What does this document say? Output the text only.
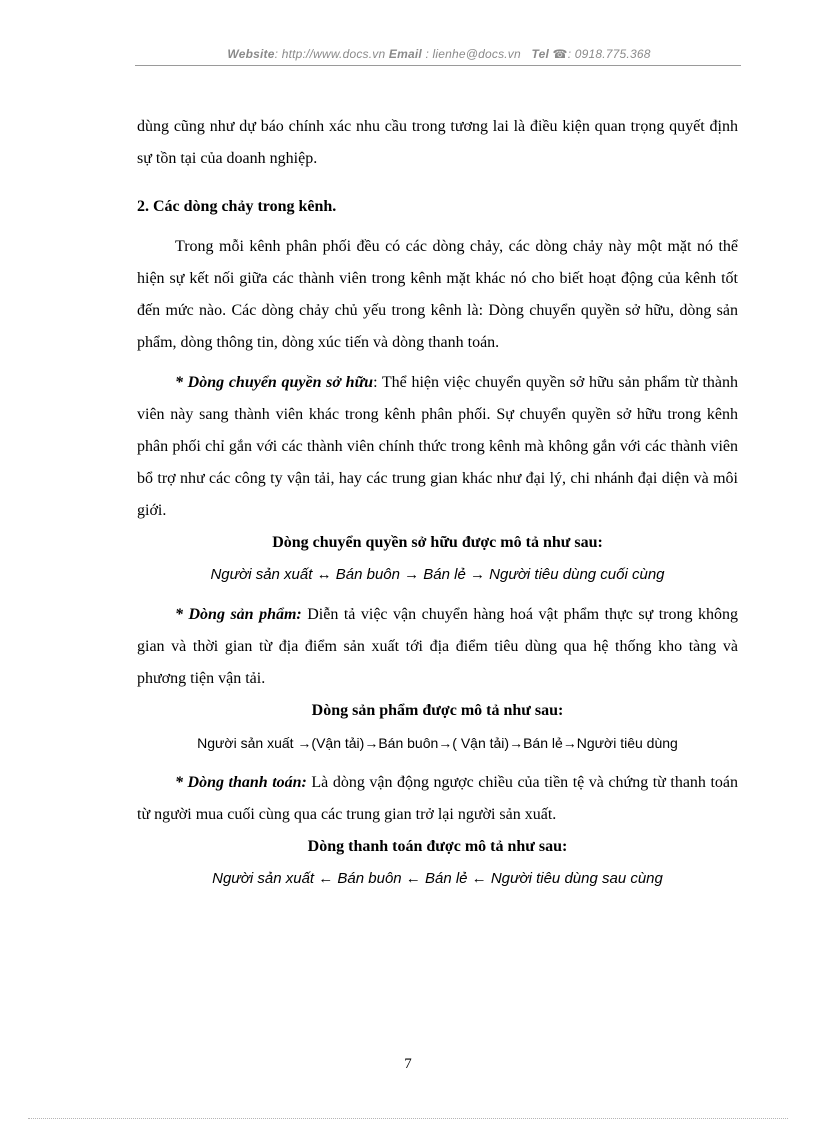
Website: http://www.docs.vn Email : lienhe@docs.vn Tel ☎: 0918.775.368

dùng cũng như dự báo chính xác nhu cầu trong tương lai là điều kiện quan trọng quyết định sự tồn tại của doanh nghiệp.

2. Các dòng chảy trong kênh.

Trong mỗi kênh phân phối đều có các dòng chảy, các dòng chảy này một mặt nó thể hiện sự kết nối giữa các thành viên trong kênh mặt khác nó cho biết hoạt động của kênh tốt đến mức nào. Các dòng chảy chủ yếu trong kênh là: Dòng chuyển quyền sở hữu, dòng sản phẩm, dòng thông tin, dòng xúc tiến và dòng thanh toán.

* Dòng chuyển quyền sở hữu: Thể hiện việc chuyển quyền sở hữu sản phẩm từ thành viên này sang thành viên khác trong kênh phân phối. Sự chuyển quyền sở hữu trong kênh phân phối chỉ gắn với các thành viên chính thức trong kênh mà không gắn với các thành viên bổ trợ như các công ty vận tải, hay các trung gian khác như đại lý, chi nhánh đại diện và môi giới.

Dòng chuyển quyền sở hữu được mô tả như sau:

Người sản xuất ↔ Bán buôn → Bán lẻ → Người tiêu dùng cuối cùng

* Dòng sản phẩm: Diễn tả việc vận chuyển hàng hoá vật phẩm thực sự trong không gian và thời gian từ địa điểm sản xuất tới địa điểm tiêu dùng qua hệ thống kho tàng và phương tiện vận tải.

Dòng sản phẩm được mô tả như sau:

Người sản xuất →(Vận tải)→Bán buôn→( Vận tải)→Bán lẻ→Người tiêu dùng

* Dòng thanh toán: Là dòng vận động ngược chiều của tiền tệ và chứng từ thanh toán từ người mua cuối cùng qua các trung gian trở lại người sản xuất.

Dòng thanh toán được mô tả như sau:

Người sản xuất ← Bán buôn ← Bán lẻ ← Người tiêu dùng sau cùng

7
